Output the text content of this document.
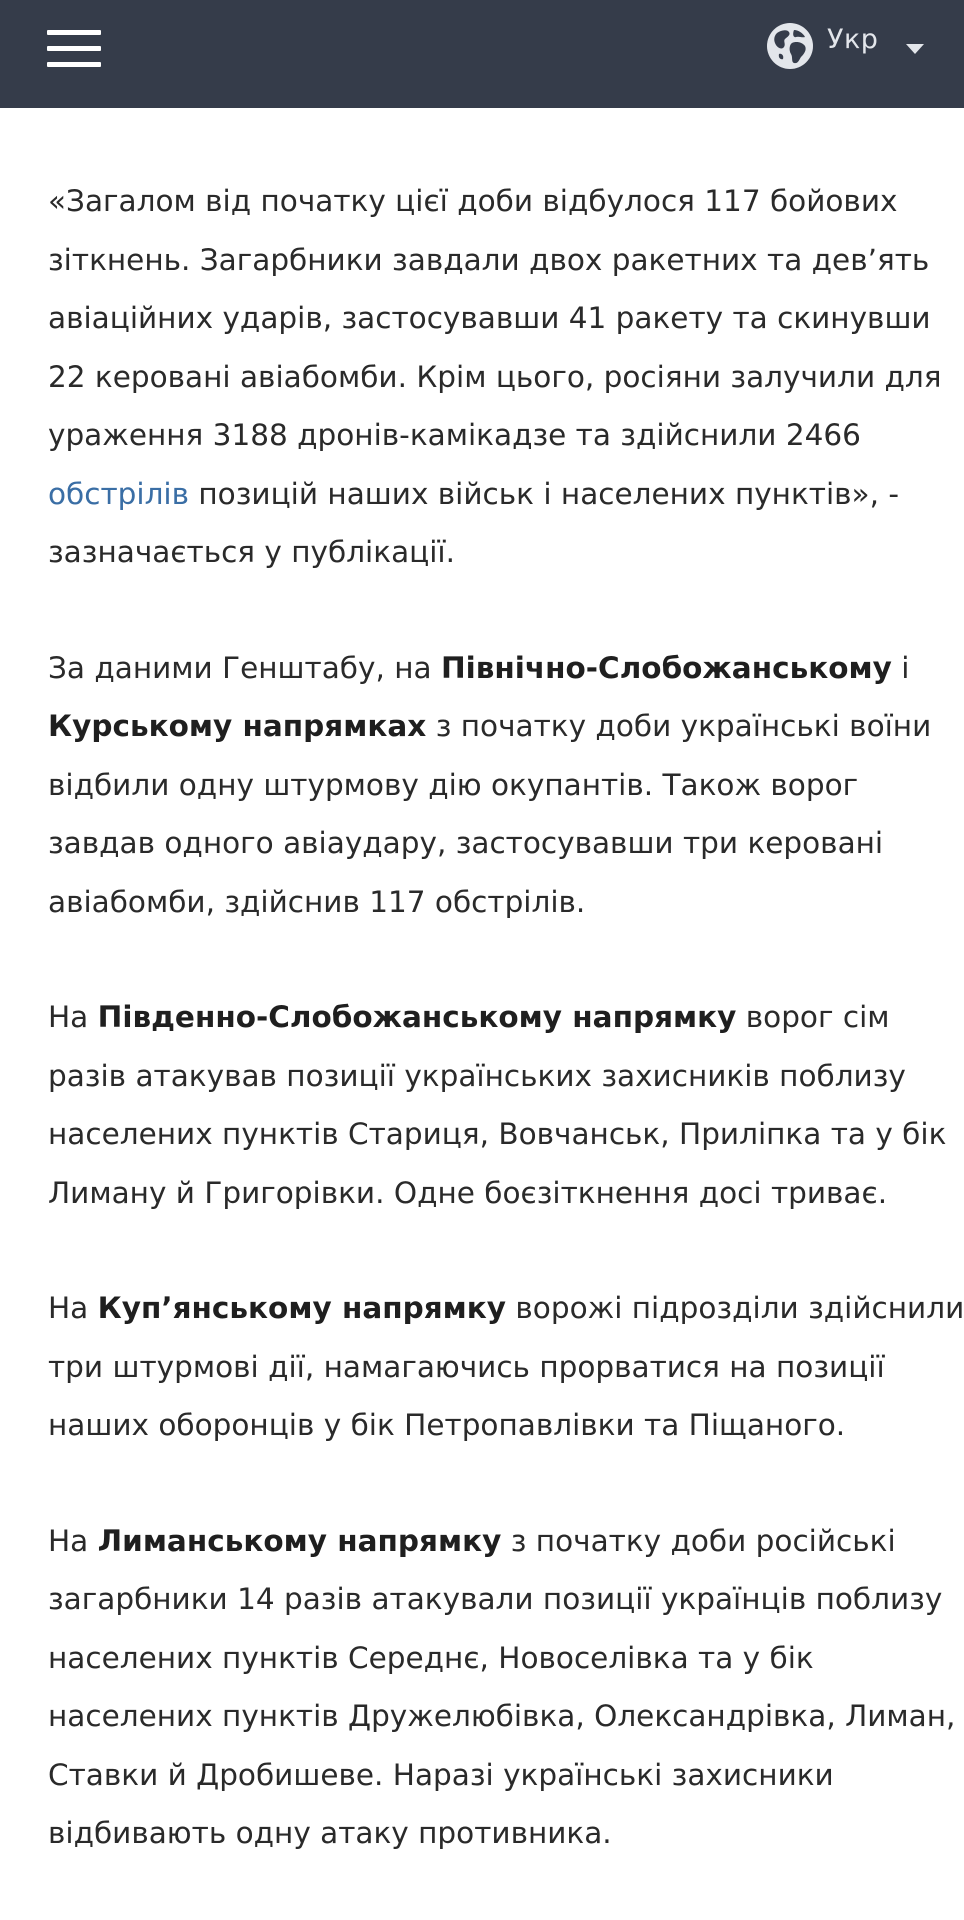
Укр

«Загалом від початку цієї доби відбулося 117 бойових
зіткнень. Загарбники завдали двох ракетних та дев’ять
авіаційних ударів, застосувавши 41 ракету та скинувши
22 керовані авіабомби. Крім цього, росіяни залучили для
ураження 3188 дронів-камікадзе та здійснили 2466
обстрілів позицій наших військ і населених пунктів», -
зазначається у публікації.

За даними Генштабу, на Північно-Слобожанському і
Курському напрямках з початку доби українські воїни
відбили одну штурмову дію окупантів. Також ворог
завдав одного авіаудару, застосувавши три керовані
авіабомби, здійснив 117 обстрілів.

На Південно-Слобожанському напрямку ворог сім
разів атакував позиції українських захисників поблизу
населених пунктів Стариця, Вовчанськ, Приліпка та у бік
Лиману й Григорівки. Одне боєзіткнення досі триває.

На Куп’янському напрямку ворожі підрозділи здійснили
три штурмові дії, намагаючись прорватися на позиції
наших оборонців у бік Петропавлівки та Піщаного.

На Лиманському напрямку з початку доби російські
загарбники 14 разів атакували позиції українців поблизу
населених пунктів Середнє, Новоселівка та у бік
населених пунктів Дружелюбівка, Олександрівка, Лиман,
Ставки й Дробишеве. Наразі українські захисники
відбивають одну атаку противника.
